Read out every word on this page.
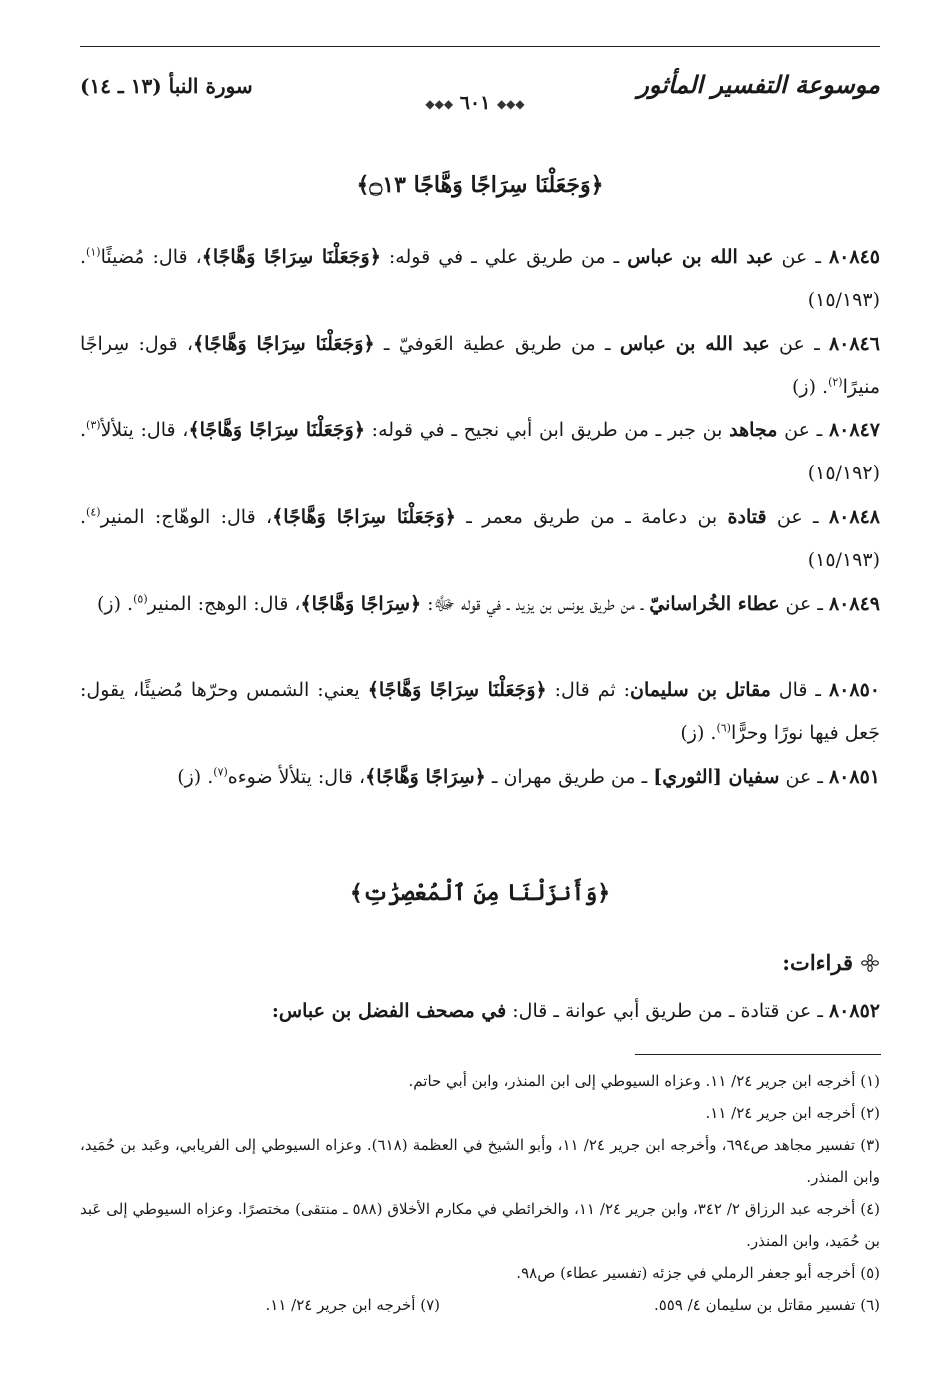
موسوعة التفسير المأثور
سورة النبأ (١٣ ـ ١٤)
◆◆◆ ٦٠١ ◆◆◆
﴿وَجَعَلْنَا سِرَاجًا وَهَّاجًا ۝١٣﴾
٨٠٨٤٥ ـ عن عبد الله بن عباس ـ من طريق علي ـ في قوله: ﴿وَجَعَلْنَا سِرَاجًا وَهَّاجًا﴾، قال: مُضيئًا$^{(١)}$. (١٥/١٩٣)
٨٠٨٤٦ ـ عن عبد الله بن عباس ـ من طريق عطية العَوفيّ ـ ﴿وَجَعَلْنَا سِرَاجًا وَهَّاجًا﴾، قول: سِراجًا منيرًا$^{(٢)}$. (ز)
٨٠٨٤٧ ـ عن مجاهد بن جبر ـ من طريق ابن أبي نجيح ـ في قوله: ﴿وَجَعَلْنَا سِرَاجًا وَهَّاجًا﴾، قال: يتلألأ$^{(٣)}$. (١٥/١٩٢)
٨٠٨٤٨ ـ عن قتادة بن دعامة ـ من طريق معمر ـ ﴿وَجَعَلْنَا سِرَاجًا وَهَّاجًا﴾، قال: الوهّاج: المنير$^{(٤)}$. (١٥/١٩٣)
٨٠٨٤٩ ـ عن عطاء الخُراسانيّ ـ من طريق يونس بن يزيد ـ في قوله ﷻ: ﴿سِرَاجًا وَهَّاجًا﴾، قال: الوهج: المنير$^{(٥)}$. (ز)
٨٠٨٥٠ ـ قال مقاتل بن سليمان: ثم قال: ﴿وَجَعَلْنَا سِرَاجًا وَهَّاجًا﴾ يعني: الشمس وحرّها مُضيئًا، يقول: جَعل فيها نورًا وحرًّا$^{(٦)}$. (ز)
٨٠٨٥١ ـ عن سفيان [الثوري] ـ من طريق مهران ـ ﴿سِرَاجًا وَهَّاجًا﴾، قال: يتلألأ ضوءه$^{(٧)}$. (ز)
﴿وَأَنزَلْنَا مِنَ ٱلْمُعْصِرَٰتِ﴾
قراءات:
٨٠٨٥٢ ـ عن قتادة ـ من طريق أبي عوانة ـ قال: في مصحف الفضل بن عباس:
(١) أخرجه ابن جرير ٢٤/ ١١. وعزاه السيوطي إلى ابن المنذر، وابن أبي حاتم.
(٢) أخرجه ابن جرير ٢٤/ ١١.
(٣) تفسير مجاهد ص٦٩٤، وأخرجه ابن جرير ٢٤/ ١١، وأبو الشيخ في العظمة (٦١٨). وعزاه السيوطي إلى الفريابي، وعَبد بن حُمَيد، وابن المنذر.
(٤) أخرجه عبد الرزاق ٢/ ٣٤٢، وابن جرير ٢٤/ ١١، والخرائطي في مكارم الأخلاق (٥٨٨ ـ منتقى) مختصرًا. وعزاه السيوطي إلى عَبد بن حُمَيد، وابن المنذر.
(٥) أخرجه أبو جعفر الرملي في جزئه (تفسير عطاء) ص٩٨.
(٦) تفسير مقاتل بن سليمان ٤/ ٥٥٩.
(٧) أخرجه ابن جرير ٢٤/ ١١.
